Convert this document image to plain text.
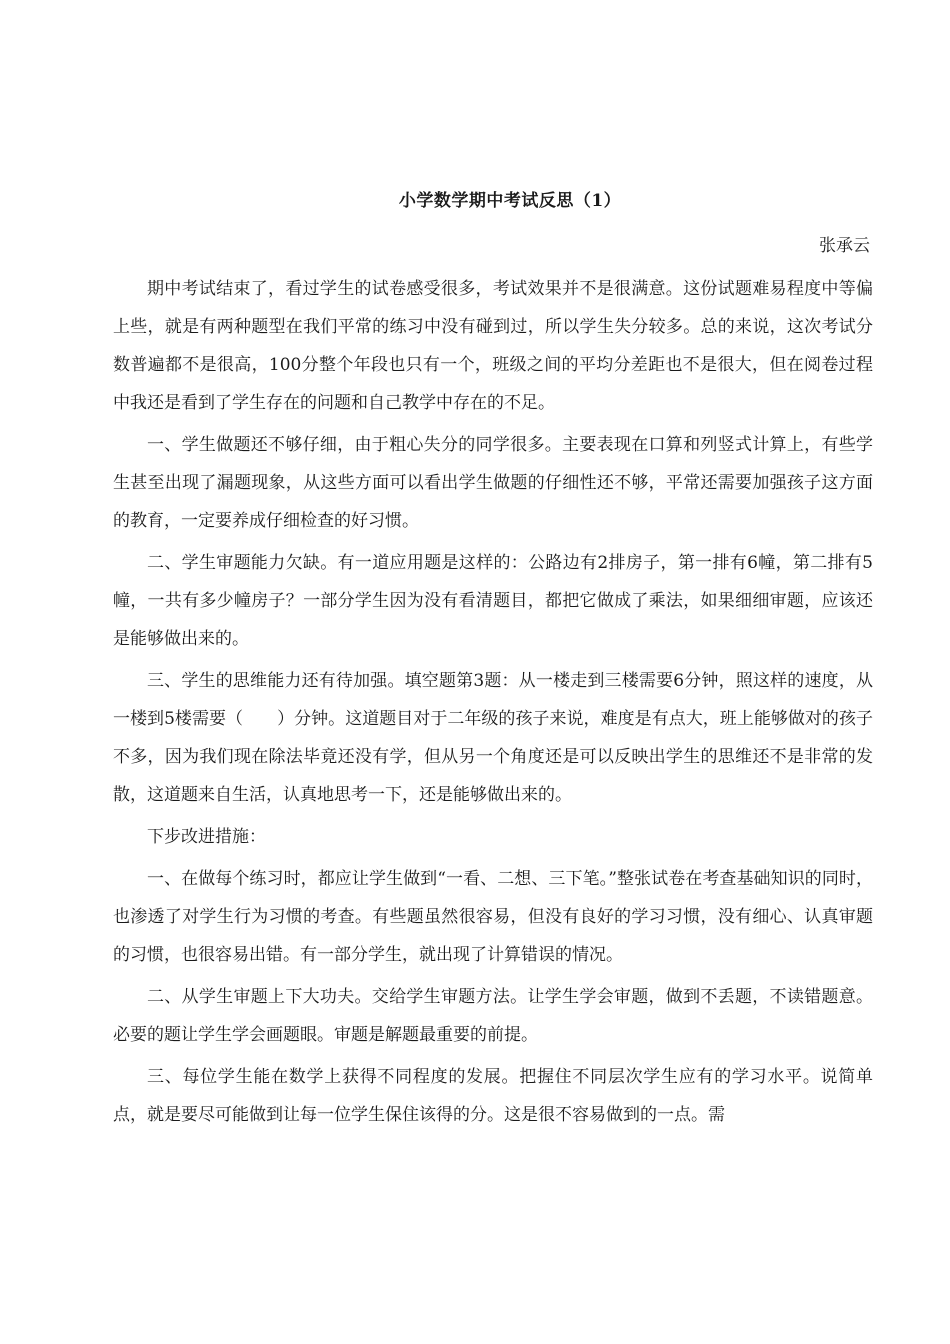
小学数学期中考试反思（1）
张承云

期中考试结束了，看过学生的试卷感受很多，考试效果并不是很满意。这份试题难易程度中等偏上些，就是有两种题型在我们平常的练习中没有碰到过，所以学生失分较多。总的来说，这次考试分数普遍都不是很高，100分整个年段也只有一个，班级之间的平均分差距也不是很大，但在阅卷过程中我还是看到了学生存在的问题和自己教学中存在的不足。

一、学生做题还不够仔细，由于粗心失分的同学很多。主要表现在口算和列竖式计算上，有些学生甚至出现了漏题现象，从这些方面可以看出学生做题的仔细性还不够，平常还需要加强孩子这方面的教育，一定要养成仔细检查的好习惯。

二、学生审题能力欠缺。有一道应用题是这样的：公路边有2排房子，第一排有6幢，第二排有5幢，一共有多少幢房子？一部分学生因为没有看清题目，都把它做成了乘法，如果细细审题，应该还是能够做出来的。

三、学生的思维能力还有待加强。填空题第3题：从一楼走到三楼需要6分钟，照这样的速度，从一楼到5楼需要（　　）分钟。这道题目对于二年级的孩子来说，难度是有点大，班上能够做对的孩子不多，因为我们现在除法毕竟还没有学，但从另一个角度还是可以反映出学生的思维还不是非常的发散，这道题来自生活，认真地思考一下，还是能够做出来的。

下步改进措施：

一、在做每个练习时，都应让学生做到“一看、二想、三下笔。”整张试卷在考查基础知识的同时，也渗透了对学生行为习惯的考查。有些题虽然很容易，但没有良好的学习习惯，没有细心、认真审题的习惯，也很容易出错。有一部分学生，就出现了计算错误的情况。

二、从学生审题上下大功夫。交给学生审题方法。让学生学会审题，做到不丢题，不读错题意。必要的题让学生学会画题眼。审题是解题最重要的前提。

三、每位学生能在数学上获得不同程度的发展。把握住不同层次学生应有的学习水平。说简单点，就是要尽可能做到让每一位学生保住该得的分。这是很不容易做到的一点。需
